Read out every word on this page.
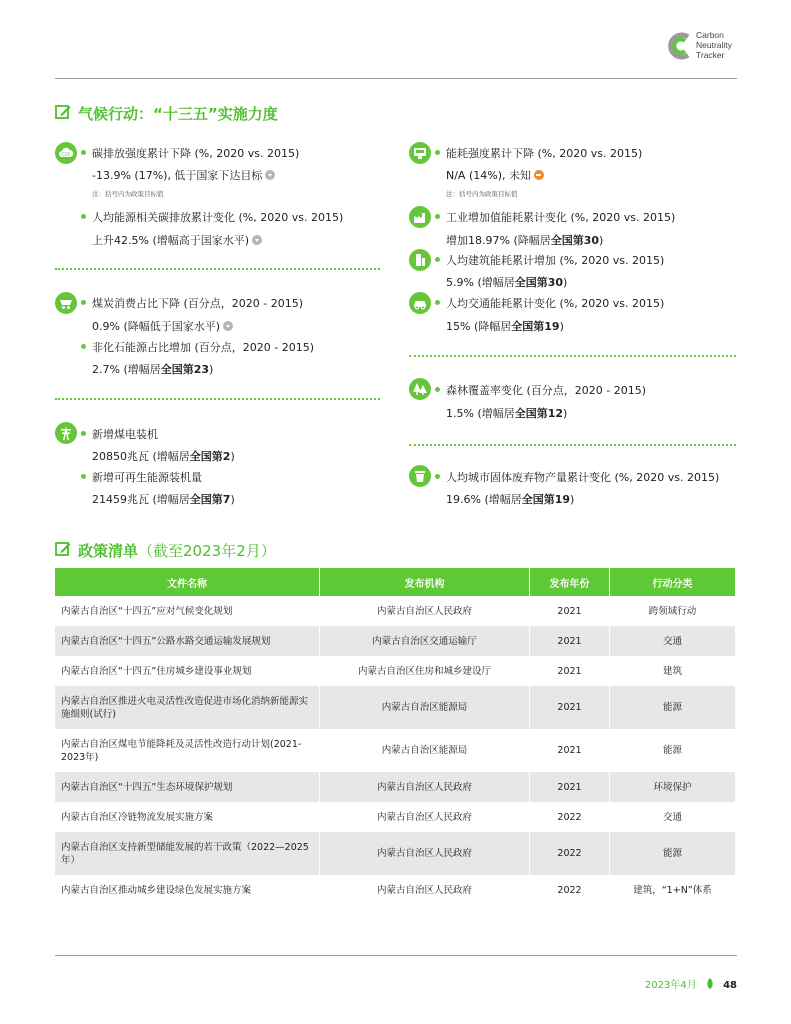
Carbon
Neutrality
Tracker
气候行动：“十三五”实施力度
CO2 碳排放强度累计下降 (%, 2020 vs. 2015)
-13.9% (17%), 低于国家下达目标
注：括号内为政策目标值
人均能源相关碳排放累计变化 (%, 2020 vs. 2015)
上升42.5% (增幅高于国家水平)
煤炭消费占比下降 (百分点，2020 - 2015)
0.9% (降幅低于国家水平)
非化石能源占比增加 (百分点，2020 - 2015)
2.7% (增幅居全国第23)
新增煤电装机
20850兆瓦 (增幅居全国第2)
新增可再生能源装机量
21459兆瓦 (增幅居全国第7)
能耗强度累计下降 (%, 2020 vs. 2015)
N/A (14%), 未知
注：括号内为政策目标值
工业增加值能耗累计变化 (%, 2020 vs. 2015)
增加18.97% (降幅居全国第30)
人均建筑能耗累计增加 (%, 2020 vs. 2015)
5.9% (增幅居全国第30)
人均交通能耗累计变化 (%, 2020 vs. 2015)
15% (降幅居全国第19)
森林覆盖率变化 (百分点，2020 - 2015)
1.5% (增幅居全国第12)
人均城市固体废弃物产量累计变化 (%, 2020 vs. 2015)
19.6% (增幅居全国第19)
政策清单（截至2023年2月）
文件名称	发布机构	发布年份	行动分类
内蒙古自治区“十四五”应对气候变化规划	内蒙古自治区人民政府	2021	跨领域行动
内蒙古自治区“十四五”公路水路交通运输发展规划	内蒙古自治区交通运输厅	2021	交通
内蒙古自治区“十四五”住房城乡建设事业规划	内蒙古自治区住房和城乡建设厅	2021	建筑
内蒙古自治区推进火电灵活性改造促进市场化消纳新能源实施细则(试行)	内蒙古自治区能源局	2021	能源
内蒙古自治区煤电节能降耗及灵活性改造行动计划(2021-2023年)	内蒙古自治区能源局	2021	能源
内蒙古自治区“十四五”生态环境保护规划	内蒙古自治区人民政府	2021	环境保护
内蒙古自治区冷链物流发展实施方案	内蒙古自治区人民政府	2022	交通
内蒙古自治区支持新型储能发展的若干政策（2022—2025年）	内蒙古自治区人民政府	2022	能源
内蒙古自治区推动城乡建设绿色发展实施方案	内蒙古自治区人民政府	2022	建筑，“1+N”体系
2023年4月	48
